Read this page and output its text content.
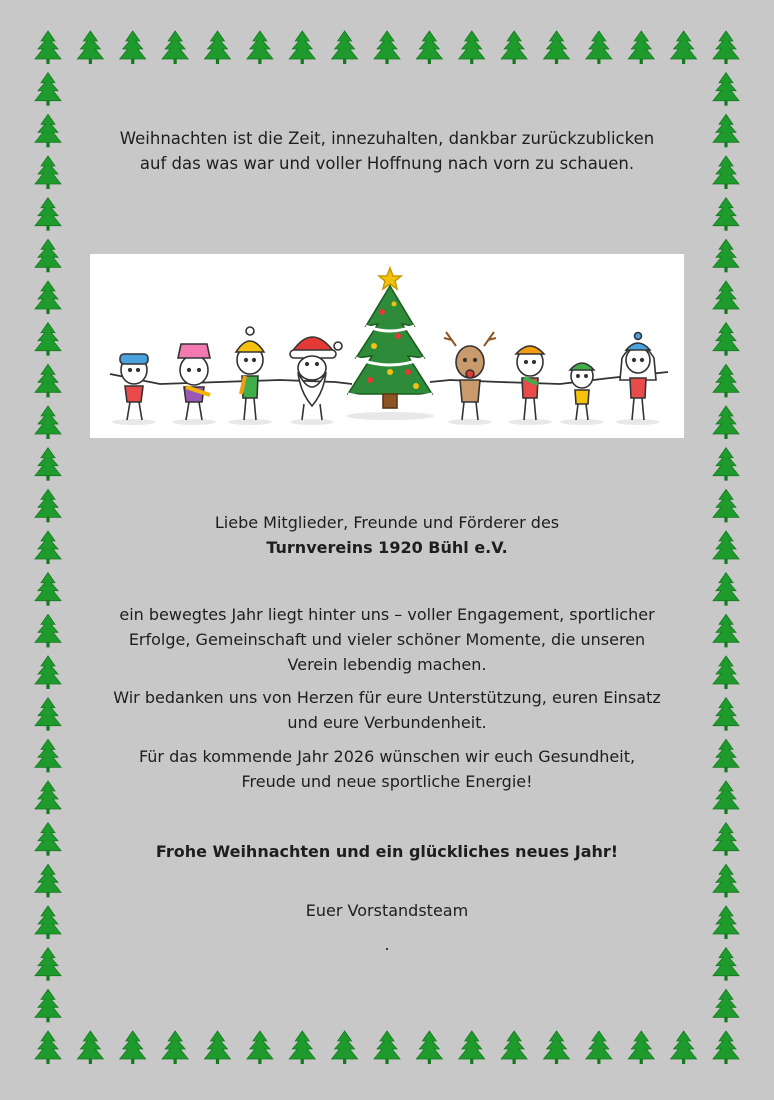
Weihnachten ist die Zeit, innezuhalten, dankbar zurückzublicken
auf das was war und voller Hoffnung nach vorn zu schauen.
Liebe Mitglieder, Freunde und Förderer des
Turnvereins 1920 Bühl e.V.
ein bewegtes Jahr liegt hinter uns – voller Engagement, sportlicher
Erfolge, Gemeinschaft und vieler schöner Momente, die unseren
Verein lebendig machen.
Wir bedanken uns von Herzen für eure Unterstützung, euren Einsatz
und eure Verbundenheit.
Für das kommende Jahr 2026 wünschen wir euch Gesundheit,
Freude und neue sportliche Energie!
Frohe Weihnachten und ein glückliches neues Jahr!
Euer Vorstandsteam
.
